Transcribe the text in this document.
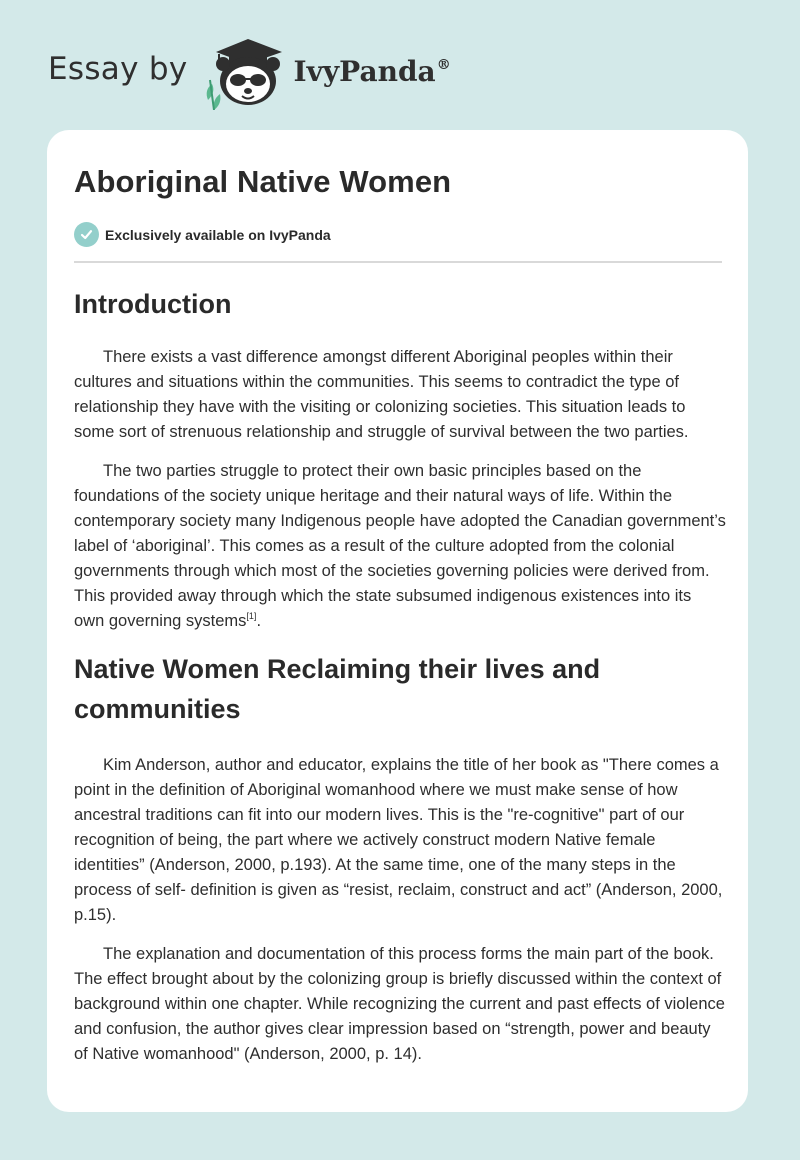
Essay by	IvyPanda®
Aboriginal Native Women
Exclusively available on IvyPanda
Introduction

There exists a vast difference amongst different Aboriginal peoples within their cultures and situations within the communities. This seems to contradict the type of relationship they have with the visiting or colonizing societies. This situation leads to some sort of strenuous relationship and struggle of survival between the two parties.

The two parties struggle to protect their own basic principles based on the foundations of the society unique heritage and their natural ways of life. Within the contemporary society many Indigenous people have adopted the Canadian government’s label of ‘aboriginal’. This comes as a result of the culture adopted from the colonial governments through which most of the societies governing policies were derived from. This provided away through which the state subsumed indigenous existences into its own governing systems[1].

Native Women Reclaiming their lives and
communities

Kim Anderson, author and educator, explains the title of her book as "There comes a point in the definition of Aboriginal womanhood where we must make sense of how ancestral traditions can fit into our modern lives. This is the "re-cognitive" part of our recognition of being, the part where we actively construct modern Native female identities” (Anderson, 2000, p.193). At the same time, one of the many steps in the process of self- definition is given as “resist, reclaim, construct and act” (Anderson, 2000, p.15).

The explanation and documentation of this process forms the main part of the book. The effect brought about by the colonizing group is briefly discussed within the context of background within one chapter. While recognizing the current and past effects of violence and confusion, the author gives clear impression based on “strength, power and beauty of Native womanhood" (Anderson, 2000, p. 14).
